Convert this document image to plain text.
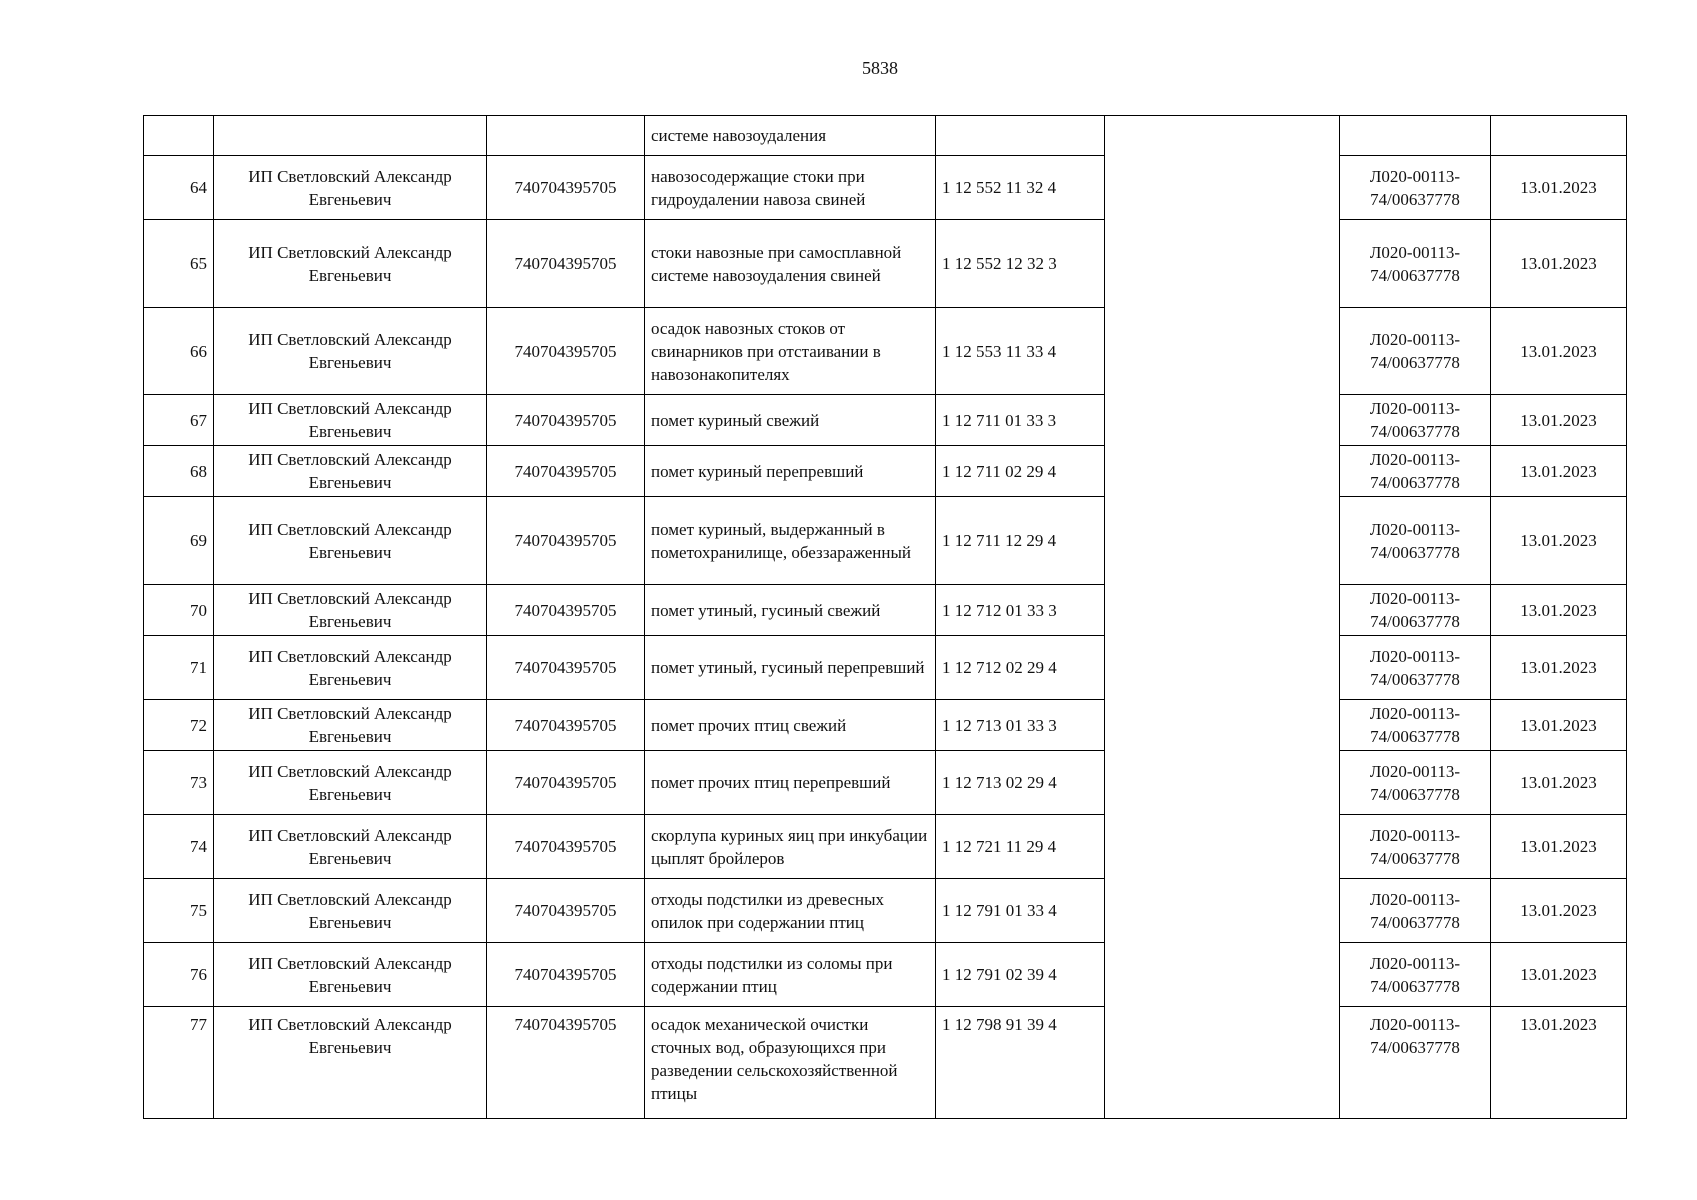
5838
			системе навозоудаления				
64	ИП Светловский Александр Евгеньевич	740704395705	навозосодержащие стоки при гидроудалении навоза свиней	1 12 552 11 32 4		Л020-00113-74/00637778	13.01.2023
65	ИП Светловский Александр Евгеньевич	740704395705	стоки навозные при самосплавной системе навозоудаления свиней	1 12 552 12 32 3		Л020-00113-74/00637778	13.01.2023
66	ИП Светловский Александр Евгеньевич	740704395705	осадок навозных стоков от свинарников при отстаивании в навозонакопителях	1 12 553 11 33 4		Л020-00113-74/00637778	13.01.2023
67	ИП Светловский Александр Евгеньевич	740704395705	помет куриный свежий	1 12 711 01 33 3		Л020-00113-74/00637778	13.01.2023
68	ИП Светловский Александр Евгеньевич	740704395705	помет куриный перепревший	1 12 711 02 29 4		Л020-00113-74/00637778	13.01.2023
69	ИП Светловский Александр Евгеньевич	740704395705	помет куриный, выдержанный в пометохранилище, обеззараженный	1 12 711 12 29 4		Л020-00113-74/00637778	13.01.2023
70	ИП Светловский Александр Евгеньевич	740704395705	помет утиный, гусиный свежий	1 12 712 01 33 3		Л020-00113-74/00637778	13.01.2023
71	ИП Светловский Александр Евгеньевич	740704395705	помет утиный, гусиный перепревший	1 12 712 02 29 4		Л020-00113-74/00637778	13.01.2023
72	ИП Светловский Александр Евгеньевич	740704395705	помет прочих птиц свежий	1 12 713 01 33 3		Л020-00113-74/00637778	13.01.2023
73	ИП Светловский Александр Евгеньевич	740704395705	помет прочих птиц перепревший	1 12 713 02 29 4		Л020-00113-74/00637778	13.01.2023
74	ИП Светловский Александр Евгеньевич	740704395705	скорлупа куриных яиц при инкубации цыплят бройлеров	1 12 721 11 29 4		Л020-00113-74/00637778	13.01.2023
75	ИП Светловский Александр Евгеньевич	740704395705	отходы подстилки из древесных опилок при содержании птиц	1 12 791 01 33 4		Л020-00113-74/00637778	13.01.2023
76	ИП Светловский Александр Евгеньевич	740704395705	отходы подстилки из соломы при содержании птиц	1 12 791 02 39 4		Л020-00113-74/00637778	13.01.2023
77	ИП Светловский Александр Евгеньевич	740704395705	осадок механической очистки сточных вод, образующихся при разведении сельскохозяйственной птицы	1 12 798 91 39 4		Л020-00113-74/00637778	13.01.2023
